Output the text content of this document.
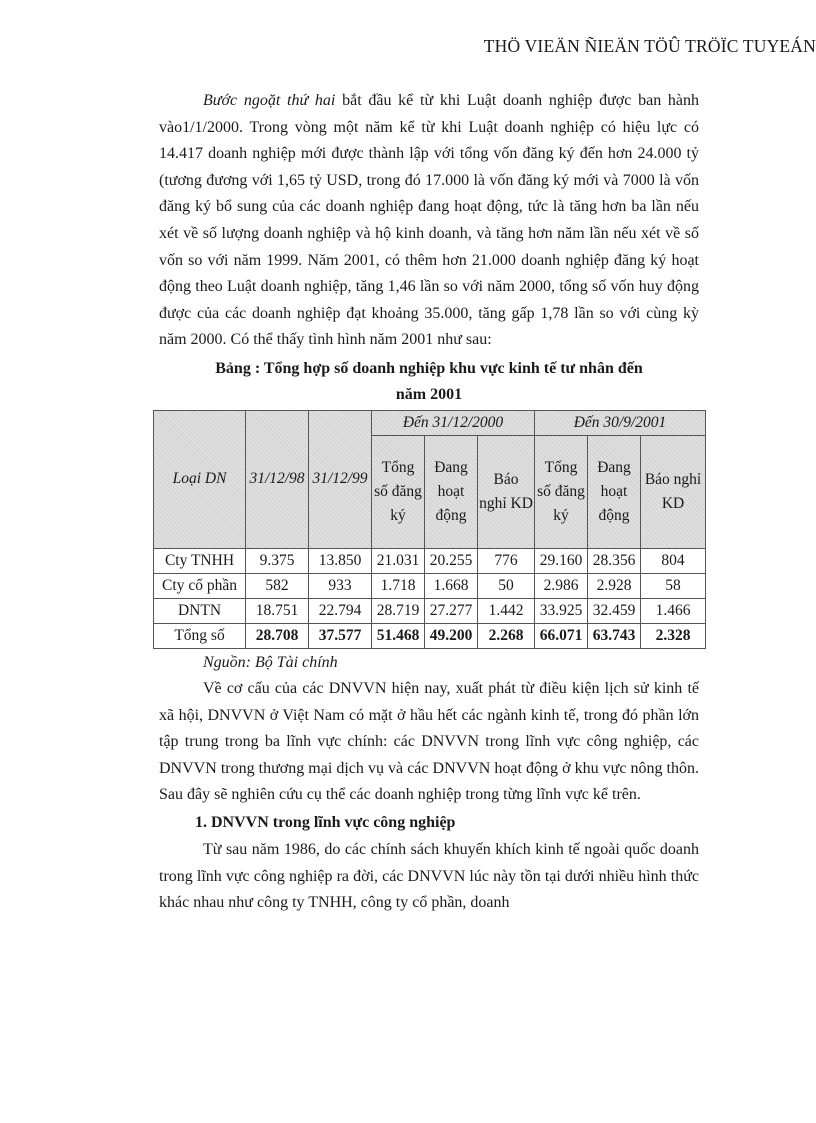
THÖ VIEÄN ÑIEÄN TÖÛ TRÖÏC TUYEÁN

Bước ngoặt thứ hai bắt đầu kể từ khi Luật doanh nghiệp được ban hành vào1/1/2000. Trong vòng một năm kể từ khi Luật doanh nghiệp có hiệu lực có 14.417 doanh nghiệp mới được thành lập với tổng vốn đăng ký đến hơn 24.000 tỷ (tương đương với 1,65 tỷ USD, trong đó 17.000 là vốn đăng ký mới và 7000 là vốn đăng ký bổ sung của các doanh nghiệp đang hoạt động, tức là tăng hơn ba lần nếu xét về số lượng doanh nghiệp và hộ kinh doanh, và tăng hơn năm lần nếu xét về số vốn so với năm 1999. Năm 2001, có thêm hơn 21.000 doanh nghiệp đăng ký hoạt động theo Luật doanh nghiệp, tăng 1,46 lần so với năm 2000, tổng số vốn huy động được của các doanh nghiệp đạt khoảng 35.000, tăng gấp 1,78 lần so với cùng kỳ năm 2000. Có thể thấy tình hình năm 2001 như sau:

Bảng : Tổng hợp số doanh nghiệp khu vực kinh tế tư nhân đến
năm 2001
Loại DN	31/12/98	31/12/99	Đến 31/12/2000			Đến 30/9/2001		
			Tổng số đăng ký	Đang hoạt động	Báo nghỉ KD	Tổng số đăng ký	Đang hoạt động	Báo nghỉ KD
Cty TNHH	9.375	13.850	21.031	20.255	776	29.160	28.356	804
Cty cổ phần	582	933	1.718	1.668	50	2.986	2.928	58
DNTN	18.751	22.794	28.719	27.277	1.442	33.925	32.459	1.466
Tổng số	28.708	37.577	51.468	49.200	2.268	66.071	63.743	2.328

Nguồn: Bộ Tài chính

Về cơ cấu của các DNVVN hiện nay, xuất phát từ điều kiện lịch sử kinh tế xã hội, DNVVN ở Việt Nam có mặt ở hầu hết các ngành kinh tế, trong đó phần lớn tập trung trong ba lĩnh vực chính: các DNVVN trong lĩnh vực công nghiệp, các DNVVN trong thương mại dịch vụ và các DNVVN hoạt động ở khu vực nông thôn. Sau đây sẽ nghiên cứu cụ thể các doanh nghiệp trong từng lĩnh vực kể trên.

1. DNVVN trong lĩnh vực công nghiệp

Từ sau năm 1986, do các chính sách khuyến khích kinh tế ngoài quốc doanh trong lĩnh vực công nghiệp ra đời, các DNVVN lúc này tồn tại dưới nhiều hình thức khác nhau như công ty TNHH, công ty cổ phần, doanh
